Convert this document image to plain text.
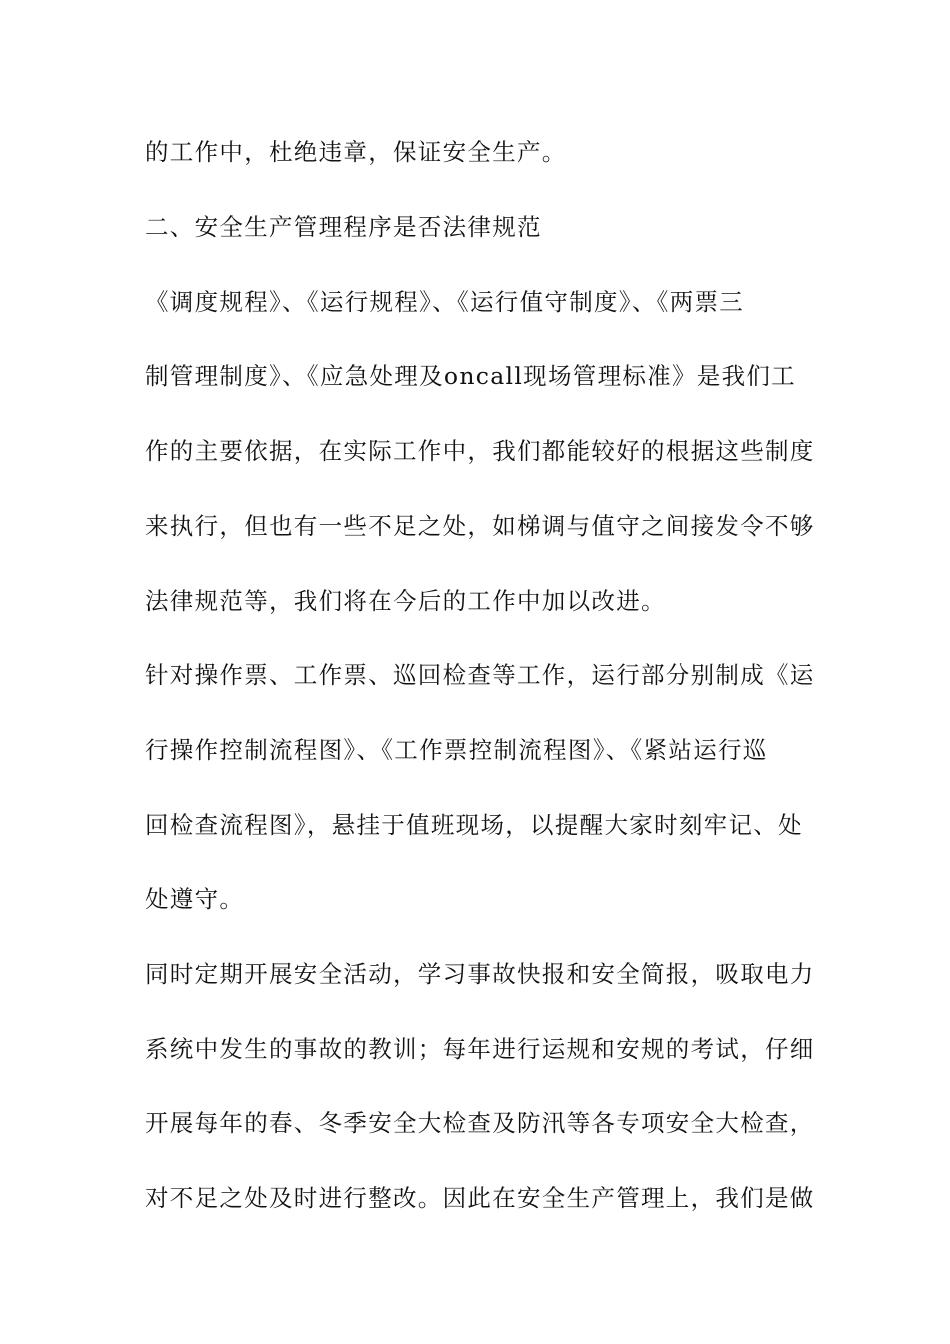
的工作中，杜绝违章，保证安全生产。
二、安全生产管理程序是否法律规范
《调度规程》、《运行规程》、《运行值守制度》、《两票三
制管理制度》、《应急处理及oncall现场管理标准》是我们工
作的主要依据，在实际工作中，我们都能较好的根据这些制度
来执行，但也有一些不足之处，如梯调与值守之间接发令不够
法律规范等，我们将在今后的工作中加以改进。
针对操作票、工作票、巡回检查等工作，运行部分别制成《运
行操作控制流程图》、《工作票控制流程图》、《紧站运行巡
回检查流程图》，悬挂于值班现场，以提醒大家时刻牢记、处
处遵守。
同时定期开展安全活动，学习事故快报和安全简报，吸取电力
系统中发生的事故的教训；每年进行运规和安规的考试，仔细
开展每年的春、冬季安全大检查及防汛等各专项安全大检查，
对不足之处及时进行整改。因此在安全生产管理上，我们是做
